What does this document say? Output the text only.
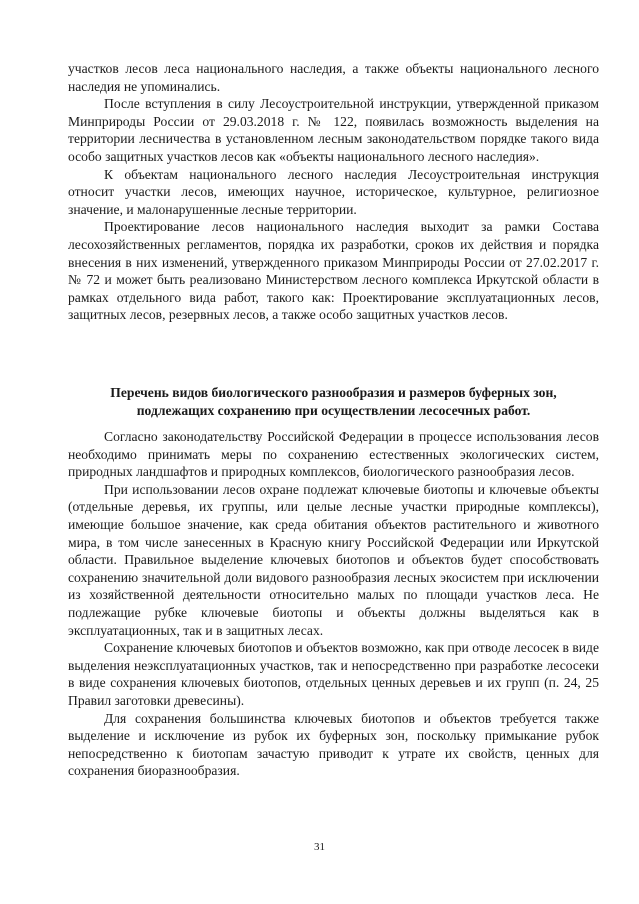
участков лесов леса национального наследия, а также объекты национального лесного наследия не упоминались.

После вступления в силу Лесоустроительной инструкции, утвержденной приказом Минприроды России от 29.03.2018 г. № 122, появилась возможность выделения на территории лесничества в установленном лесным законодательством порядке такого вида особо защитных участков лесов как «объекты национального лесного наследия».

К объектам национального лесного наследия Лесоустроительная инструкция относит участки лесов, имеющих научное, историческое, культурное, религиозное значение, и малонарушенные лесные территории.

Проектирование лесов национального наследия выходит за рамки Состава лесохозяйственных регламентов, порядка их разработки, сроков их действия и порядка внесения в них изменений, утвержденного приказом Минприроды России от 27.02.2017 г. № 72 и может быть реализовано Министерством лесного комплекса Иркутской области в рамках отдельного вида работ, такого как: Проектирование эксплуатационных лесов, защитных лесов, резервных лесов, а также особо защитных участков лесов.

Перечень видов биологического разнообразия и размеров буферных зон,
подлежащих сохранению при осуществлении лесосечных работ.

Согласно законодательству Российской Федерации в процессе использования лесов необходимо принимать меры по сохранению естественных экологических систем, природных ландшафтов и природных комплексов, биологического разнообразия лесов.

При использовании лесов охране подлежат ключевые биотопы и ключевые объекты (отдельные деревья, их группы, или целые лесные участки природные комплексы), имеющие большое значение, как среда обитания объектов растительного и животного мира, в том числе занесенных в Красную книгу Российской Федерации или Иркутской области. Правильное выделение ключевых биотопов и объектов будет способствовать сохранению значительной доли видового разнообразия лесных экосистем при исключении из хозяйственной деятельности относительно малых по площади участков леса. Не подлежащие рубке ключевые биотопы и объекты должны выделяться как в эксплуатационных, так и в защитных лесах.

Сохранение ключевых биотопов и объектов возможно, как при отводе лесосек в виде выделения неэксплуатационных участков, так и непосредственно при разработке лесосеки в виде сохранения ключевых биотопов, отдельных ценных деревьев и их групп (п. 24, 25 Правил заготовки древесины).

Для сохранения большинства ключевых биотопов и объектов требуется также выделение и исключение из рубок их буферных зон, поскольку примыкание рубок непосредственно к биотопам зачастую приводит к утрате их свойств, ценных для сохранения биоразнообразия.

31
